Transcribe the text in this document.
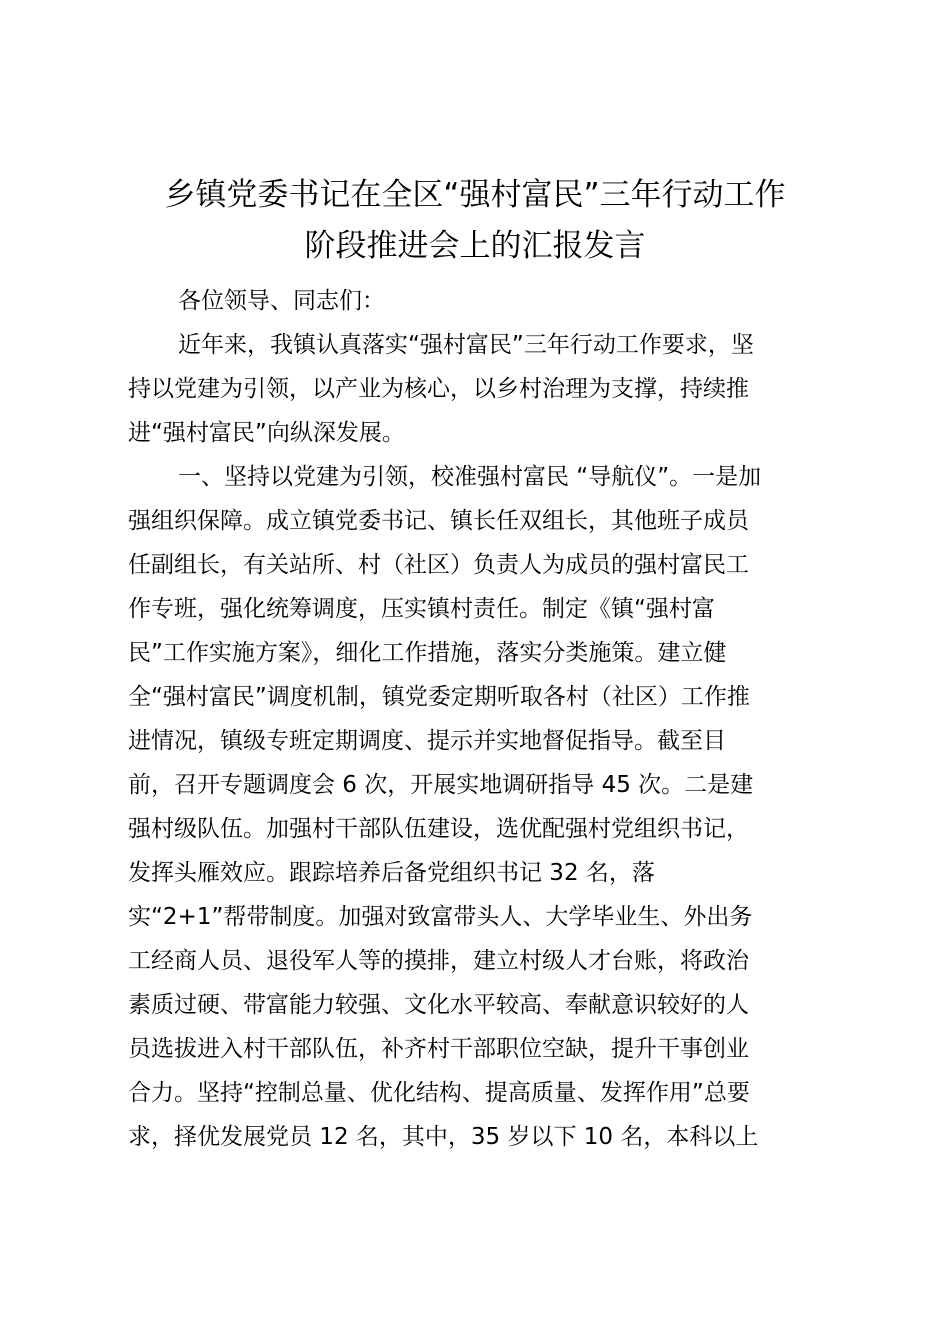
乡镇党委书记在全区“强村富民”三年行动工作
阶段推进会上的汇报发言
各位领导、同志们：
近年来，我镇认真落实“强村富民”三年行动工作要求，坚
持以党建为引领，以产业为核心，以乡村治理为支撑，持续推
进“强村富民”向纵深发展。
一、坚持以党建为引领，校准强村富民 “导航仪”。一是加
强组织保障。成立镇党委书记、镇长任双组长，其他班子成员
任副组长，有关站所、村（社区）负责人为成员的强村富民工
作专班，强化统筹调度，压实镇村责任。制定《镇“强村富
民”工作实施方案》，细化工作措施，落实分类施策。建立健
全“强村富民”调度机制，镇党委定期听取各村（社区）工作推
进情况，镇级专班定期调度、提示并实地督促指导。截至目
前，召开专题调度会 6 次，开展实地调研指导 45 次。二是建
强村级队伍。加强村干部队伍建设，选优配强村党组织书记，
发挥头雁效应。跟踪培养后备党组织书记 32 名，落
实“2+1”帮带制度。加强对致富带头人、大学毕业生、外出务
工经商人员、退役军人等的摸排，建立村级人才台账，将政治
素质过硬、带富能力较强、文化水平较高、奉献意识较好的人
员选拔进入村干部队伍，补齐村干部职位空缺，提升干事创业
合力。坚持“控制总量、优化结构、提高质量、发挥作用”总要
求，择优发展党员 12 名，其中，35 岁以下 10 名，本科以上
